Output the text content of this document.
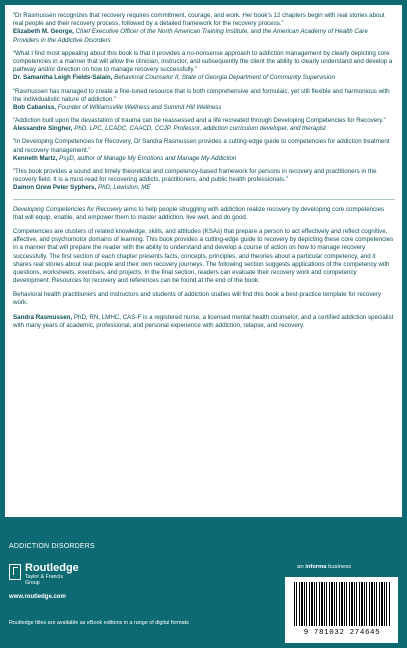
“Dr Rasmussen recognizes that recovery requires commitment, courage, and work. Her book’s 12 chapters begin with real stories about real people and their recovery process, followed by a detailed framework for the recovery process.”
Elizabeth M. George, Chief Executive Officer of the North American Training Institute, and the American Academy of Health Care Providers in the Addictive Disorders
“What I find most appealing about this book is that it provides a no-nonsense approach to addiction management by clearly depicting core competencies in a manner that will allow the clinician, instructor, and subsequently the client the ability to clearly understand and develop a pathway and/or direction on how to manage recovery successfully.”
Dr. Samantha Leigh Fields-Salain, Behavioral Counselor II, State of Georgia Department of Community Supervision
“Rasmussen has managed to create a fine-tuned resource that is both comprehensive and formulaic, yet still flexible and harmonious with the individualistic nature of addiction.”
Bob Cabaniss, Founder of Williamsville Wellness and Summit Hill Wellness
“Addiction built upon the devastation of trauma can be reassessed and a life recreated through Developing Competencies for Recovery.”
Alessandre Singher, PhD, LPC, LCADC, CAACD, CCJP. Professor, addiction curriculum developer, and therapist
“In Developing Competencies for Recovery, Dr Sandra Rasmussen provides a cutting-edge guide to competencies for addiction treatment and recovery management.”
Kenneth Martz, PsyD, author of Manage My Emotions and Manage My Addiction
“This book provides a sound and timely theoretical and competency-based framework for persons in recovery and practitioners in the recovery field. It is a must-read for recovering addicts, practitioners, and public health professionals.”
Damon Grew Peter Syphers, PhD, Lewiston, ME

Developing Competencies for Recovery aims to help people struggling with addiction realize recovery by developing core competencies that will equip, enable, and empower them to master addiction, live well, and do good.

Competencies are clusters of related knowledge, skills, and attitudes (KSAs) that prepare a person to act effectively and reflect cognitive, affective, and psychomotor domains of learning. This book provides a cutting-edge guide to recovery by depicting these core competencies in a manner that will prepare the reader with the ability to understand and develop a course of action on how to manage recovery successfully. The first section of each chapter presents facts, concepts, principles, and theories about a particular competency, and it shares real stories about real people and their own recovery journeys. The following section suggests applications of the competency with questions, worksheets, exercises, and projects. In the final section, readers can evaluate their recovery work and competency development. Resources for recovery and references can be found at the end of the book.

Behavioral health practitioners and instructors and students of addiction studies will find this book a best-practice template for recovery work.

Sandra Rasmussen, PhD, RN, LMHC, CAS-F is a registered nurse, a licensed mental health counselor, and a certified addiction specialist with many years of academic, professional, and personal experience with addiction, relapse, and recovery.

ADDICTION DISORDERS
Routledge
Taylor & Francis Group
www.routledge.com
Routledge titles are available as eBook editions in a range of digital formats
an informa business
9 781032 274645
